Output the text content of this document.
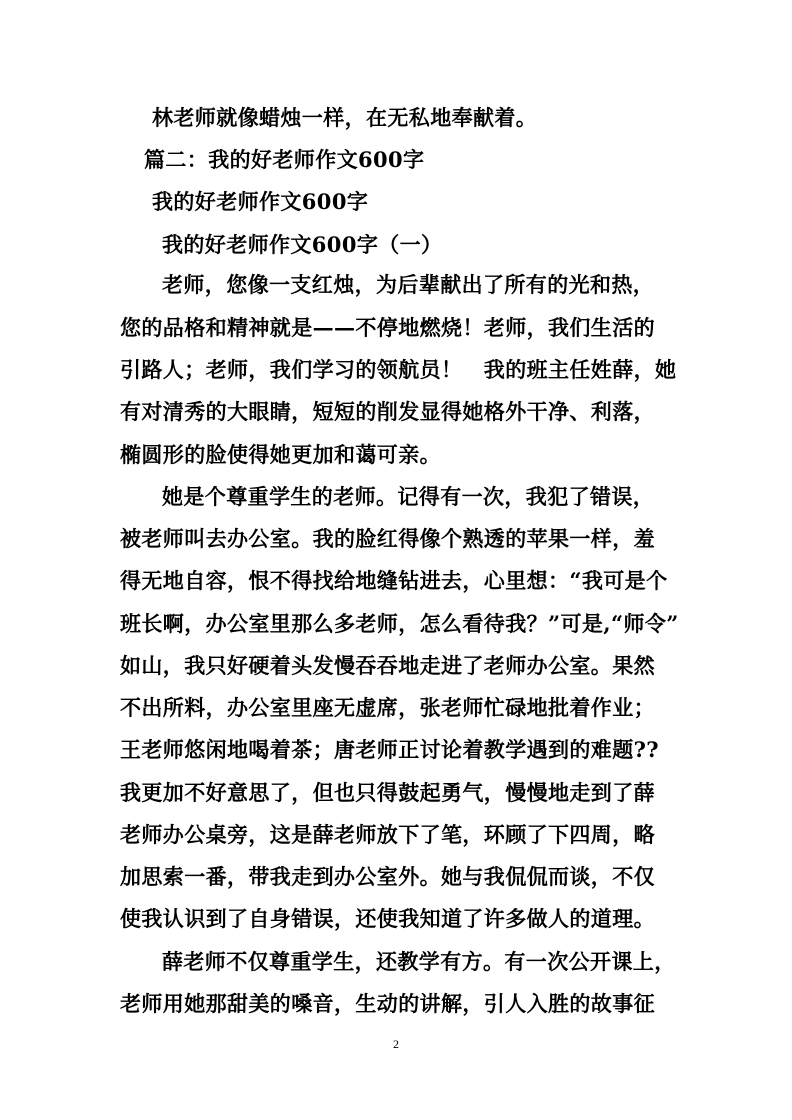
林老师就像蜡烛一样，在无私地奉献着。
篇二：我的好老师作文600字
我的好老师作文600字
我的好老师作文600字（一）
老师，您像一支红烛，为后辈献出了所有的光和热，
您的品格和精神就是——不停地燃烧！老师，我们生活的
引路人；老师，我们学习的领航员！　我的班主任姓薛，她
有对清秀的大眼睛，短短的削发显得她格外干净、利落，
椭圆形的脸使得她更加和蔼可亲。
她是个尊重学生的老师。记得有一次，我犯了错误，
被老师叫去办公室。我的脸红得像个熟透的苹果一样，羞
得无地自容，恨不得找给地缝钻进去，心里想：“我可是个
班长啊，办公室里那么多老师，怎么看待我？”可是,“师令”
如山，我只好硬着头发慢吞吞地走进了老师办公室。果然
不出所料，办公室里座无虚席，张老师忙碌地批着作业；
王老师悠闲地喝着茶；唐老师正讨论着教学遇到的难题??
我更加不好意思了，但也只得鼓起勇气，慢慢地走到了薛
老师办公桌旁，这是薛老师放下了笔，环顾了下四周，略
加思索一番，带我走到办公室外。她与我侃侃而谈，不仅
使我认识到了自身错误，还使我知道了许多做人的道理。
薛老师不仅尊重学生，还教学有方。有一次公开课上，
老师用她那甜美的嗓音，生动的讲解，引人入胜的故事征
2
